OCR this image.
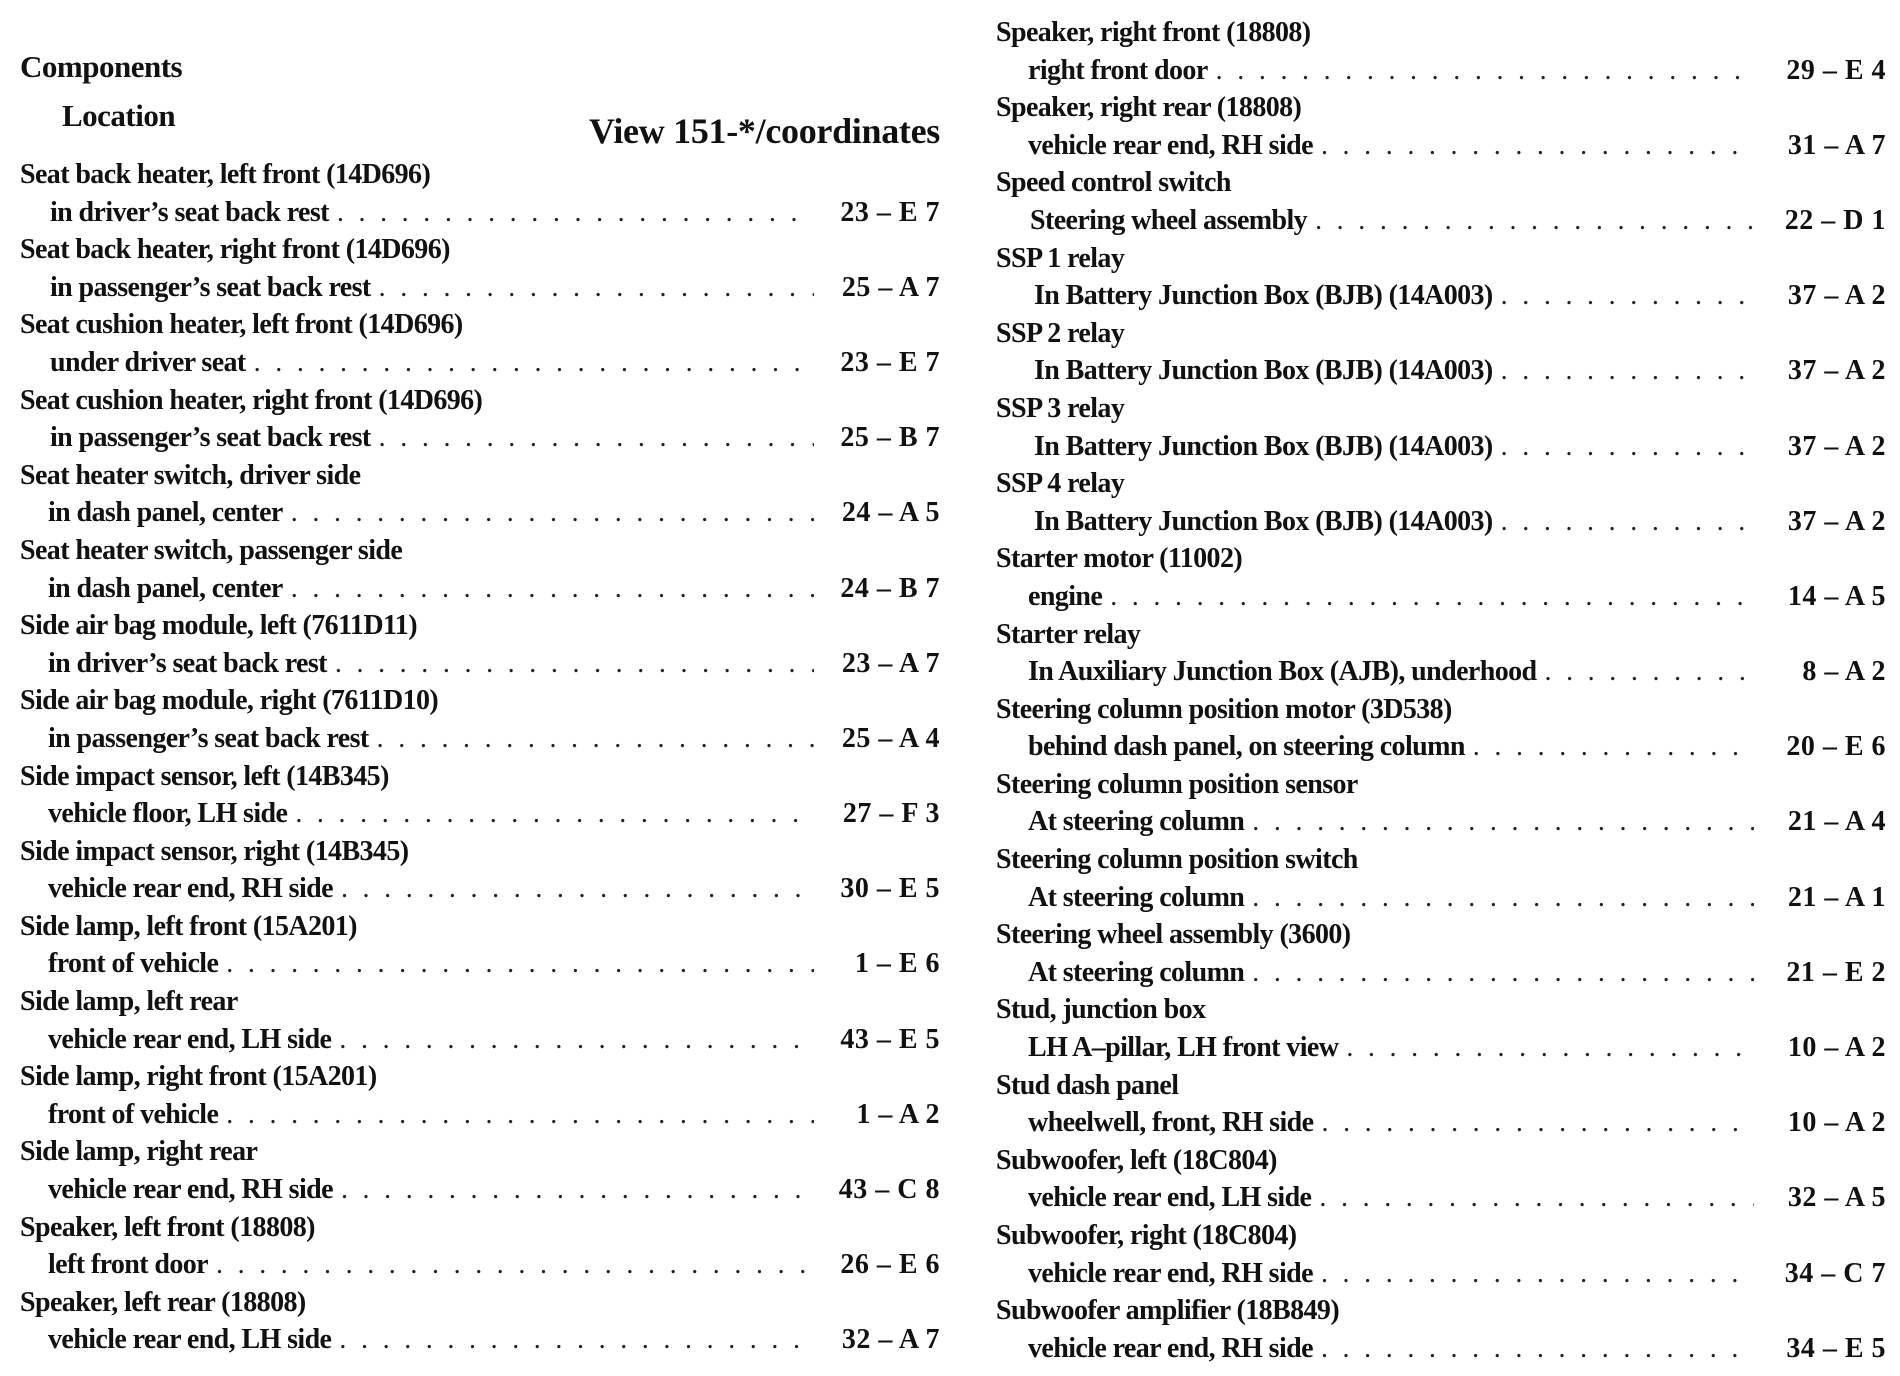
Components
Location	View 151-*/coordinates
Seat back heater, left front (14D696)
in driver’s seat back rest . . .	23 – E 7
Seat back heater, right front (14D696)
in passenger’s seat back rest . . .	25 – A 7
Seat cushion heater, left front (14D696)
under driver seat . . .	23 – E 7
Seat cushion heater, right front (14D696)
in passenger’s seat back rest . . .	25 – B 7
Seat heater switch, driver side
in dash panel, center . . .	24 – A 5
Seat heater switch, passenger side
in dash panel, center . . .	24 – B 7
Side air bag module, left (7611D11)
in driver’s seat back rest . . .	23 – A 7
Side air bag module, right (7611D10)
in passenger’s seat back rest . . .	25 – A 4
Side impact sensor, left (14B345)
vehicle floor, LH side . . .	27 – F 3
Side impact sensor, right (14B345)
vehicle rear end, RH side . . .	30 – E 5
Side lamp, left front (15A201)
front of vehicle . . .	1 – E 6
Side lamp, left rear
vehicle rear end, LH side . . .	43 – E 5
Side lamp, right front (15A201)
front of vehicle . . .	1 – A 2
Side lamp, right rear
vehicle rear end, RH side . . .	43 – C 8
Speaker, left front (18808)
left front door . . .	26 – E 6
Speaker, left rear (18808)
vehicle rear end, LH side . . .	32 – A 7
Speaker, right front (18808)
right front door . . .	29 – E 4
Speaker, right rear (18808)
vehicle rear end, RH side . . .	31 – A 7
Speed control switch
Steering wheel assembly . . .	22 – D 1
SSP 1 relay
In Battery Junction Box (BJB) (14A003) . . .	37 – A 2
SSP 2 relay
In Battery Junction Box (BJB) (14A003) . . .	37 – A 2
SSP 3 relay
In Battery Junction Box (BJB) (14A003) . . .	37 – A 2
SSP 4 relay
In Battery Junction Box (BJB) (14A003) . . .	37 – A 2
Starter motor (11002)
engine . . .	14 – A 5
Starter relay
In Auxiliary Junction Box (AJB), underhood . . .	8 – A 2
Steering column position motor (3D538)
behind dash panel, on steering column . . .	20 – E 6
Steering column position sensor
At steering column . . .	21 – A 4
Steering column position switch
At steering column . . .	21 – A 1
Steering wheel assembly (3600)
At steering column . . .	21 – E 2
Stud, junction box
LH A–pillar, LH front view . . .	10 – A 2
Stud dash panel
wheelwell, front, RH side . . .	10 – A 2
Subwoofer, left (18C804)
vehicle rear end, LH side . . .	32 – A 5
Subwoofer, right (18C804)
vehicle rear end, RH side . . .	34 – C 7
Subwoofer amplifier (18B849)
vehicle rear end, RH side . . .	34 – E 5
